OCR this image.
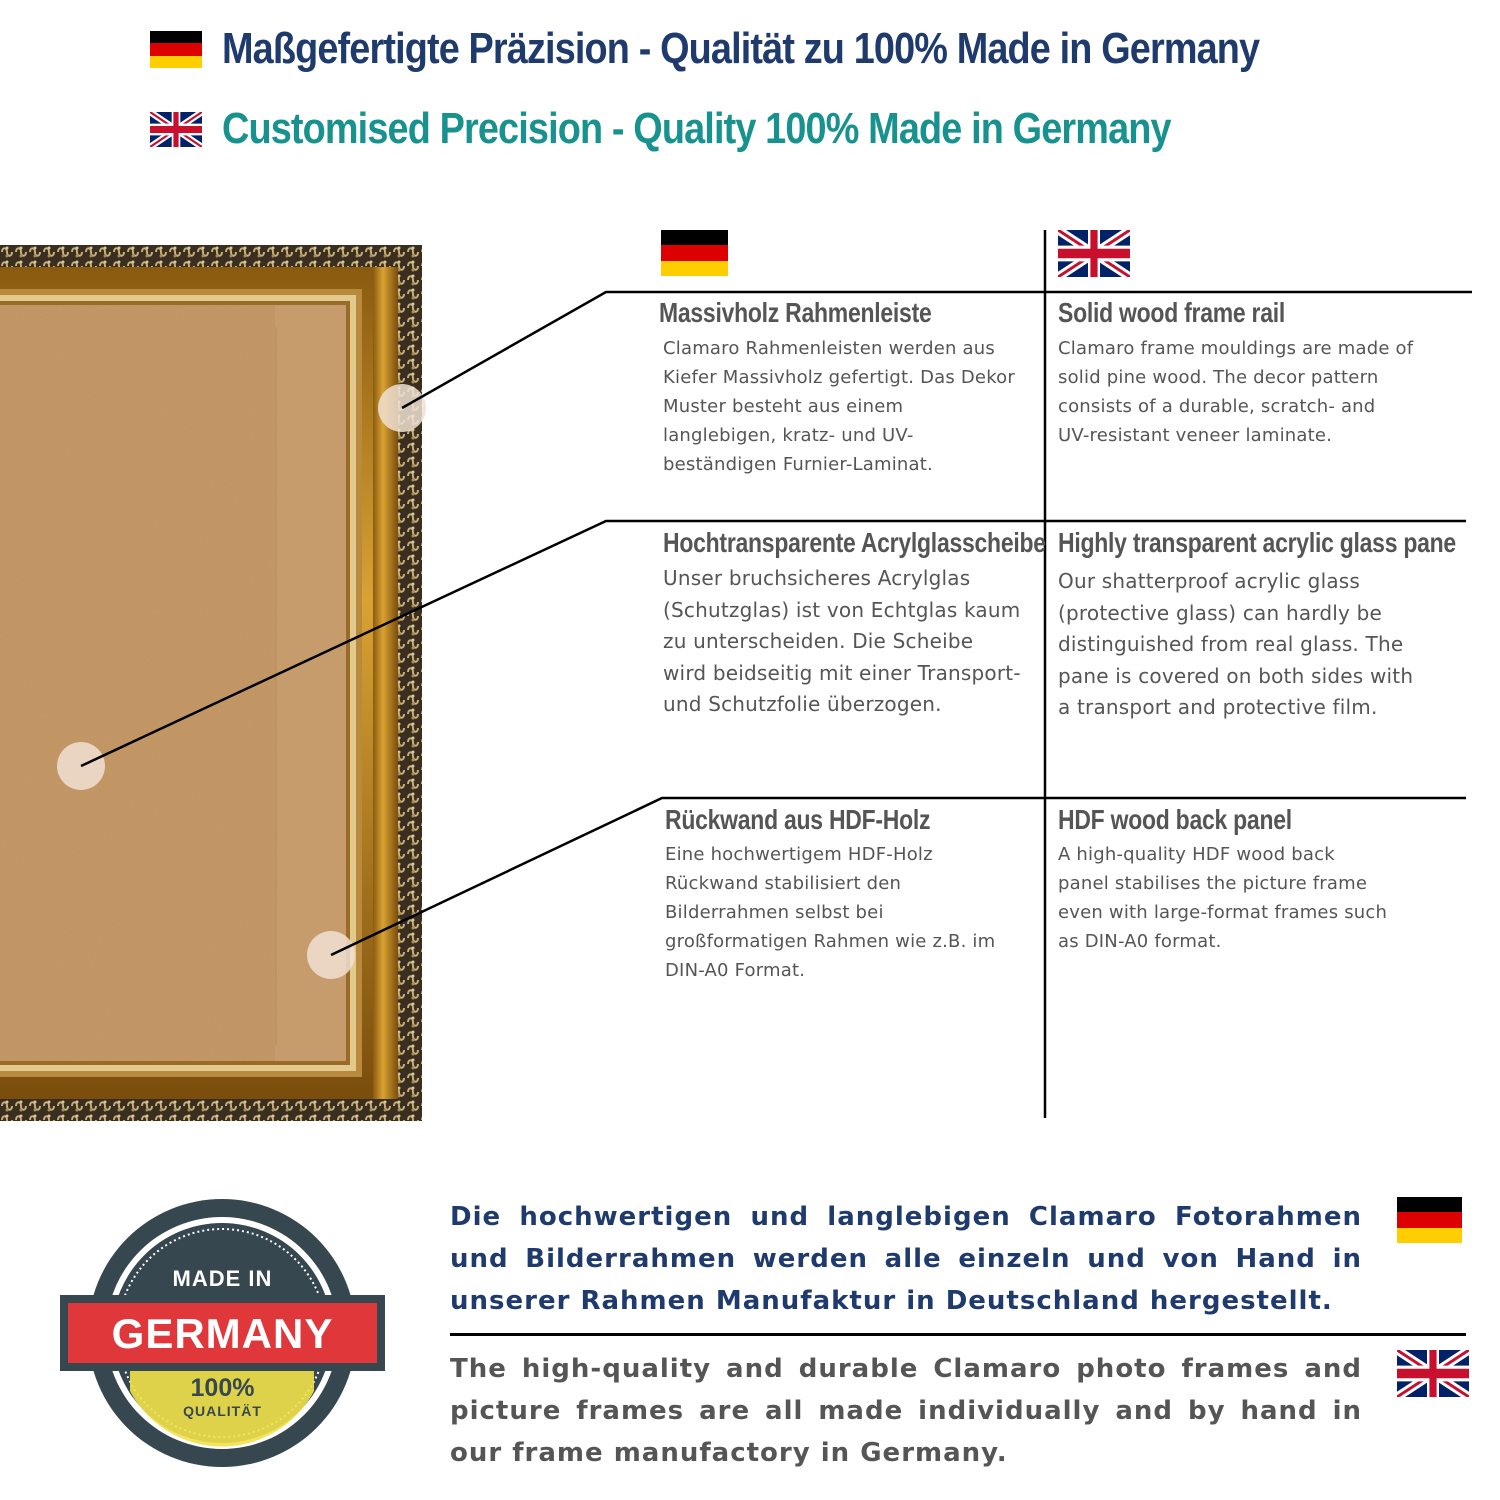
Maßgefertigte Präzision - Qualität zu 100% Made in Germany
Customised Precision - Quality 100% Made in Germany
Massivholz Rahmenleiste
Clamaro Rahmenleisten werden aus
Kiefer Massivholz gefertigt. Das Dekor
Muster besteht aus einem
langlebigen, kratz- und UV-
beständigen Furnier-Laminat.
Solid wood frame rail
Clamaro frame mouldings are made of
solid pine wood. The decor pattern
consists of a durable, scratch- and
UV-resistant veneer laminate.
Hochtransparente Acrylglasscheibe
Unser bruchsicheres Acrylglas
(Schutzglas) ist von Echtglas kaum
zu unterscheiden. Die Scheibe
wird beidseitig mit einer Transport-
und Schutzfolie überzogen.
Highly transparent acrylic glass pane
Our shatterproof acrylic glass
(protective glass) can hardly be
distinguished from real glass. The
pane is covered on both sides with
a transport and protective film.
Rückwand aus HDF-Holz
Eine hochwertigem HDF-Holz
Rückwand stabilisiert den
Bilderrahmen selbst bei
großformatigen Rahmen wie z.B. im
DIN-A0 Format.
HDF wood back panel
A high-quality HDF wood back
panel stabilises the picture frame
even with large-format frames such
as DIN-A0 format.
MADE IN
GERMANY
100%
QUALITÄT
Die hochwertigen und langlebigen Clamaro Fotorahmen und Bilderrahmen werden alle einzeln und von Hand in unserer Rahmen Manufaktur in Deutschland hergestellt.
The high-quality and durable Clamaro photo frames and picture frames are all made individually and by hand in our frame manufactory in Germany.
